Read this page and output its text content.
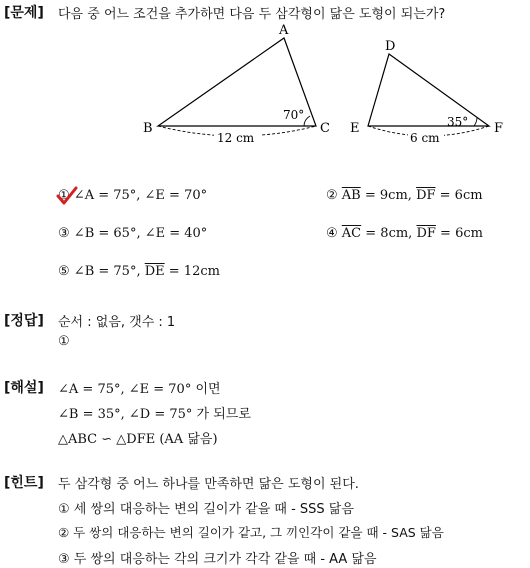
[문제] 다음 중 어느 조건을 추가하면 다음 두 삼각형이 닮은 도형이 되는가?
A
B	C
70°
12 cm
D
E	F
35°
6 cm
① ∠A = 75°, ∠E = 70°	② $\overline{AB} = 9cm$, $\overline{DF} = 6cm$
③ ∠B = 65°, ∠E = 40°	④ $\overline{AC} = 8cm$, $\overline{DF} = 6cm$
⑤ ∠B = 75°, $\overline{DE} = 12cm$
[정답] 순서 : 없음, 갯수 : 1
①
[해설] ∠A = 75°, ∠E = 70° 이면
∠B = 35°, ∠D = 75° 가 되므로
△ABC ∽ △DFE (AA 닮음)
[힌트] 두 삼각형 중 어느 하나를 만족하면 닮은 도형이 된다.
① 세 쌍의 대응하는 변의 길이가 같을 때 - SSS 닮음
② 두 쌍의 대응하는 변의 길이가 같고, 그 끼인각이 같을 때 - SAS 닮음
③ 두 쌍의 대응하는 각의 크기가 각각 같을 때 - AA 닮음
